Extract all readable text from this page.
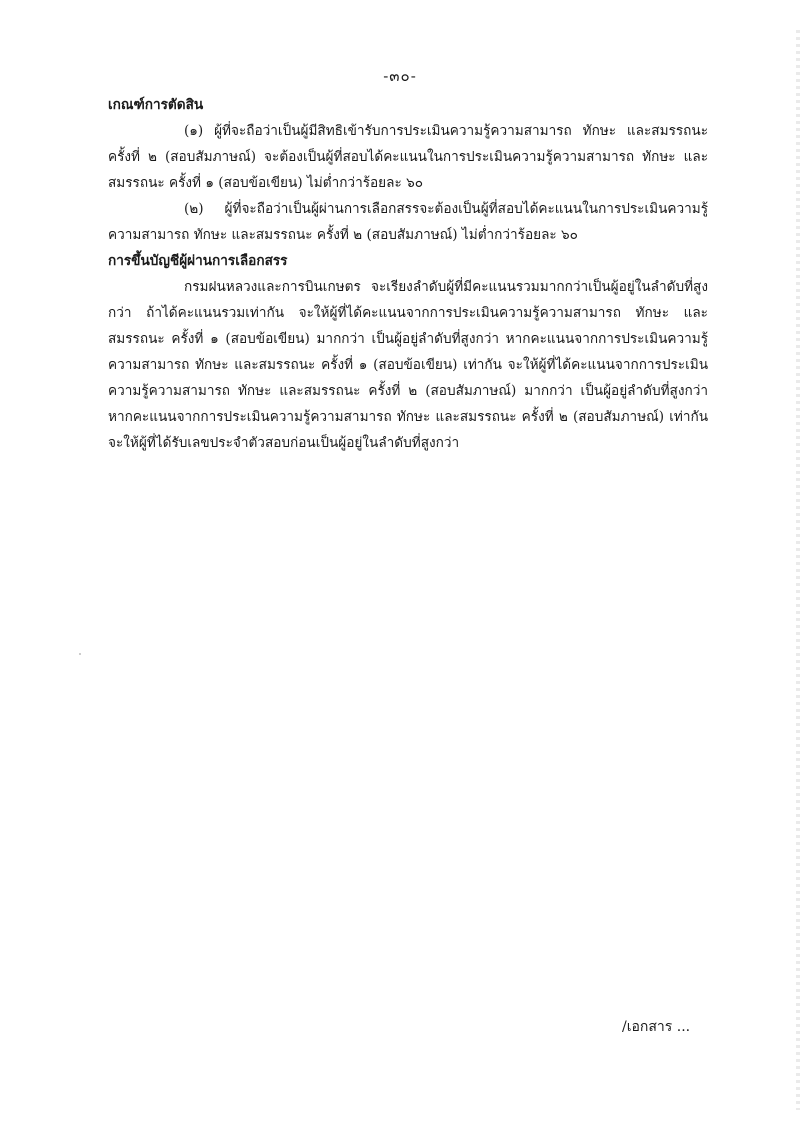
-๓๐-

เกณฑ์การตัดสิน

(๑) ผู้ที่จะถือว่าเป็นผู้มีสิทธิเข้ารับการประเมินความรู้ความสามารถ ทักษะ และสมรรถนะ ครั้งที่ ๒ (สอบสัมภาษณ์) จะต้องเป็นผู้ที่สอบได้คะแนนในการประเมินความรู้ความสามารถ ทักษะ และสมรรถนะ ครั้งที่ ๑ (สอบข้อเขียน) ไม่ต่ำกว่าร้อยละ ๖๐

(๒) ผู้ที่จะถือว่าเป็นผู้ผ่านการเลือกสรรจะต้องเป็นผู้ที่สอบได้คะแนนในการประเมินความรู้ความสามารถ ทักษะ และสมรรถนะ ครั้งที่ ๒ (สอบสัมภาษณ์) ไม่ต่ำกว่าร้อยละ ๖๐

การขึ้นบัญชีผู้ผ่านการเลือกสรร

กรมฝนหลวงและการบินเกษตร จะเรียงลำดับผู้ที่มีคะแนนรวมมากกว่าเป็นผู้อยู่ในลำดับที่สูงกว่า ถ้าได้คะแนนรวมเท่ากัน จะให้ผู้ที่ได้คะแนนจากการประเมินความรู้ความสามารถ ทักษะ และสมรรถนะ ครั้งที่ ๑ (สอบข้อเขียน) มากกว่า เป็นผู้อยู่ลำดับที่สูงกว่า หากคะแนนจากการประเมินความรู้ความสามารถ ทักษะ และสมรรถนะ ครั้งที่ ๑ (สอบข้อเขียน) เท่ากัน จะให้ผู้ที่ได้คะแนนจากการประเมินความรู้ความสามารถ ทักษะ และสมรรถนะ ครั้งที่ ๒ (สอบสัมภาษณ์) มากกว่า เป็นผู้อยู่ลำดับที่สูงกว่า หากคะแนนจากการประเมินความรู้ความสามารถ ทักษะ และสมรรถนะ ครั้งที่ ๒ (สอบสัมภาษณ์) เท่ากัน จะให้ผู้ที่ได้รับเลขประจำตัวสอบก่อนเป็นผู้อยู่ในลำดับที่สูงกว่า

/เอกสาร ...
